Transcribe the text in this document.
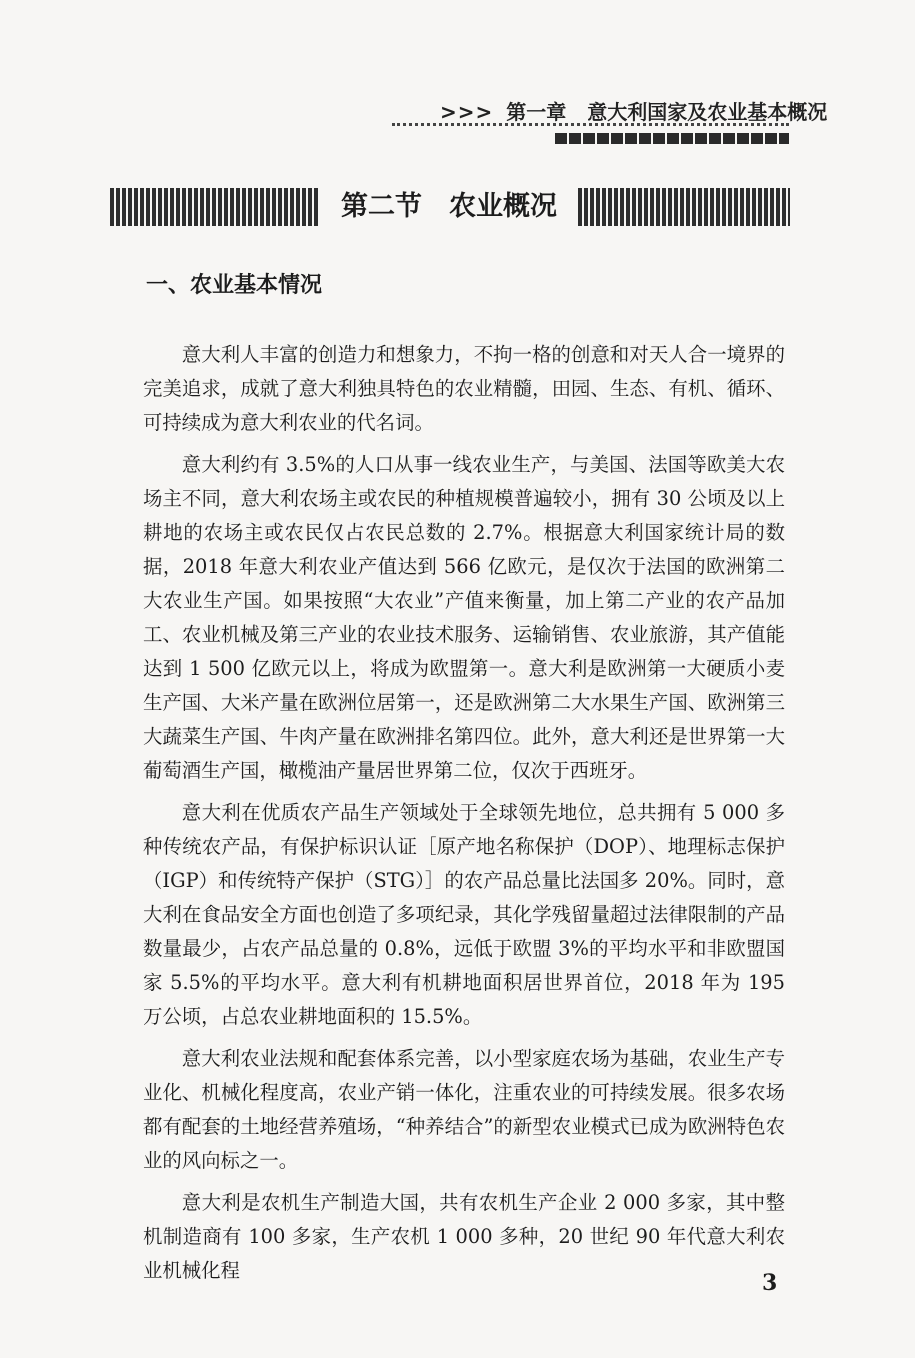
>>> 第一章 意大利国家及农业基本概况
第二节　农业概况
一、农业基本情况

意大利人丰富的创造力和想象力，不拘一格的创意和对天人合一境界的完美追求，成就了意大利独具特色的农业精髓，田园、生态、有机、循环、可持续成为意大利农业的代名词。

意大利约有 3.5%的人口从事一线农业生产，与美国、法国等欧美大农场主不同，意大利农场主或农民的种植规模普遍较小，拥有 30 公顷及以上耕地的农场主或农民仅占农民总数的 2.7%。根据意大利国家统计局的数据，2018 年意大利农业产值达到 566 亿欧元，是仅次于法国的欧洲第二大农业生产国。如果按照“大农业”产值来衡量，加上第二产业的农产品加工、农业机械及第三产业的农业技术服务、运输销售、农业旅游，其产值能达到 1 500 亿欧元以上，将成为欧盟第一。意大利是欧洲第一大硬质小麦生产国、大米产量在欧洲位居第一，还是欧洲第二大水果生产国、欧洲第三大蔬菜生产国、牛肉产量在欧洲排名第四位。此外，意大利还是世界第一大葡萄酒生产国，橄榄油产量居世界第二位，仅次于西班牙。

意大利在优质农产品生产领域处于全球领先地位，总共拥有 5 000 多种传统农产品，有保护标识认证［原产地名称保护（DOP）、地理标志保护（IGP）和传统特产保护（STG）］的农产品总量比法国多 20%。同时，意大利在食品安全方面也创造了多项纪录，其化学残留量超过法律限制的产品数量最少，占农产品总量的 0.8%，远低于欧盟 3%的平均水平和非欧盟国家 5.5%的平均水平。意大利有机耕地面积居世界首位，2018 年为 195 万公顷，占总农业耕地面积的 15.5%。

意大利农业法规和配套体系完善，以小型家庭农场为基础，农业生产专业化、机械化程度高，农业产销一体化，注重农业的可持续发展。很多农场都有配套的土地经营养殖场，“种养结合”的新型农业模式已成为欧洲特色农业的风向标之一。

意大利是农机生产制造大国，共有农机生产企业 2 000 多家，其中整机制造商有 100 多家，生产农机 1 000 多种，20 世纪 90 年代意大利农业机械化程	3
